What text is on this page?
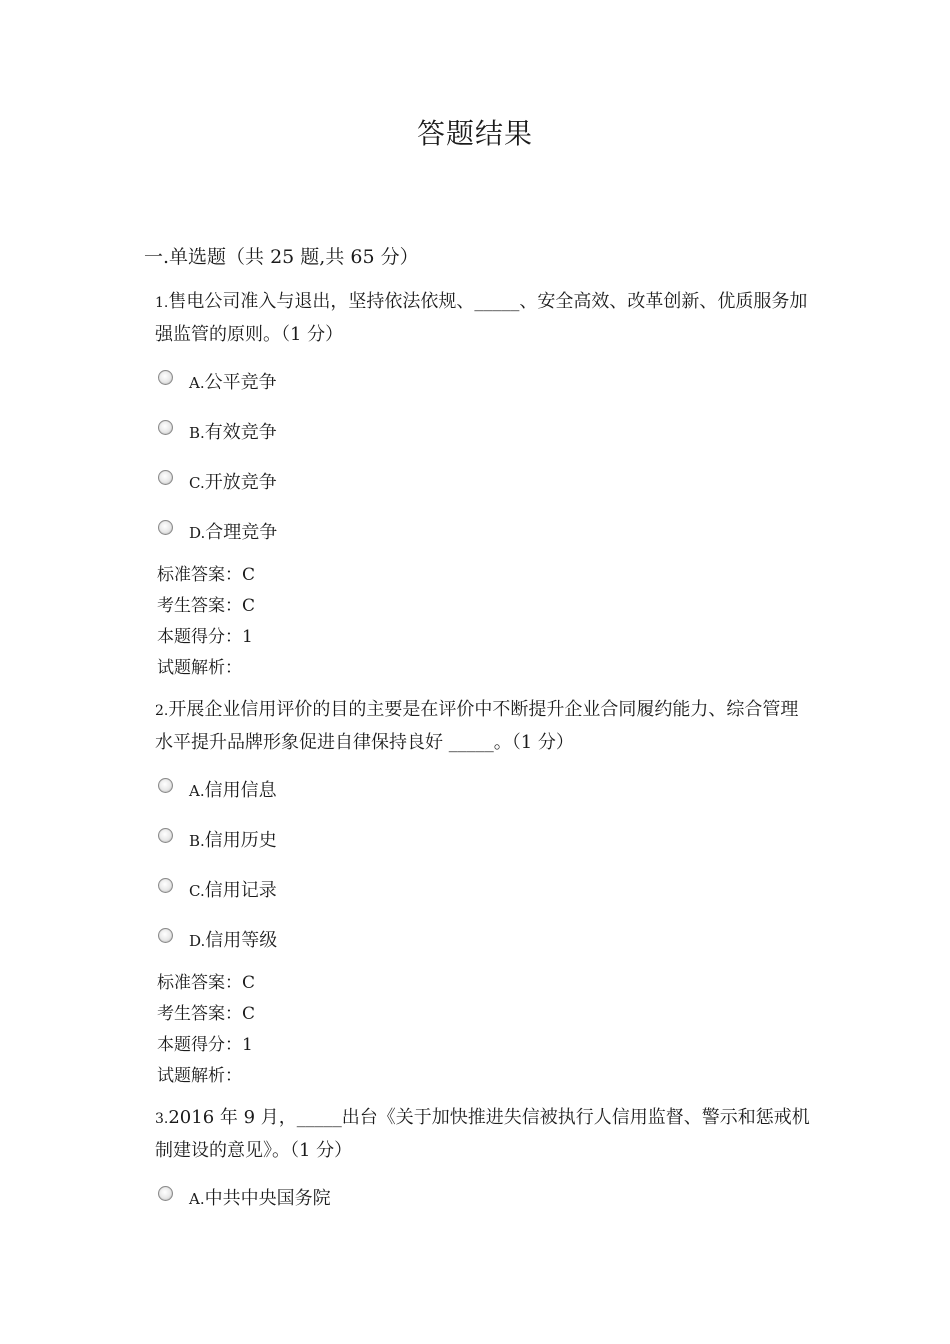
答题结果
一.单选题（共 25 题,共 65 分）

1.售电公司准入与退出，坚持依法依规、_____、安全高效、改革创新、优质服务加强监管的原则。（1 分）

A.公平竞争
B.有效竞争
C.开放竞争
D.合理竞争
标准答案：C
考生答案：C
本题得分：1
试题解析：

2.开展企业信用评价的目的主要是在评价中不断提升企业合同履约能力、综合管理水平提升品牌形象促进自律保持良好 _____。（1 分）

A.信用信息
B.信用历史
C.信用记录
D.信用等级
标准答案：C
考生答案：C
本题得分：1
试题解析：

3.2016 年 9 月，_____出台《关于加快推进失信被执行人信用监督、警示和惩戒机制建设的意见》。（1 分）

A.中共中央国务院
